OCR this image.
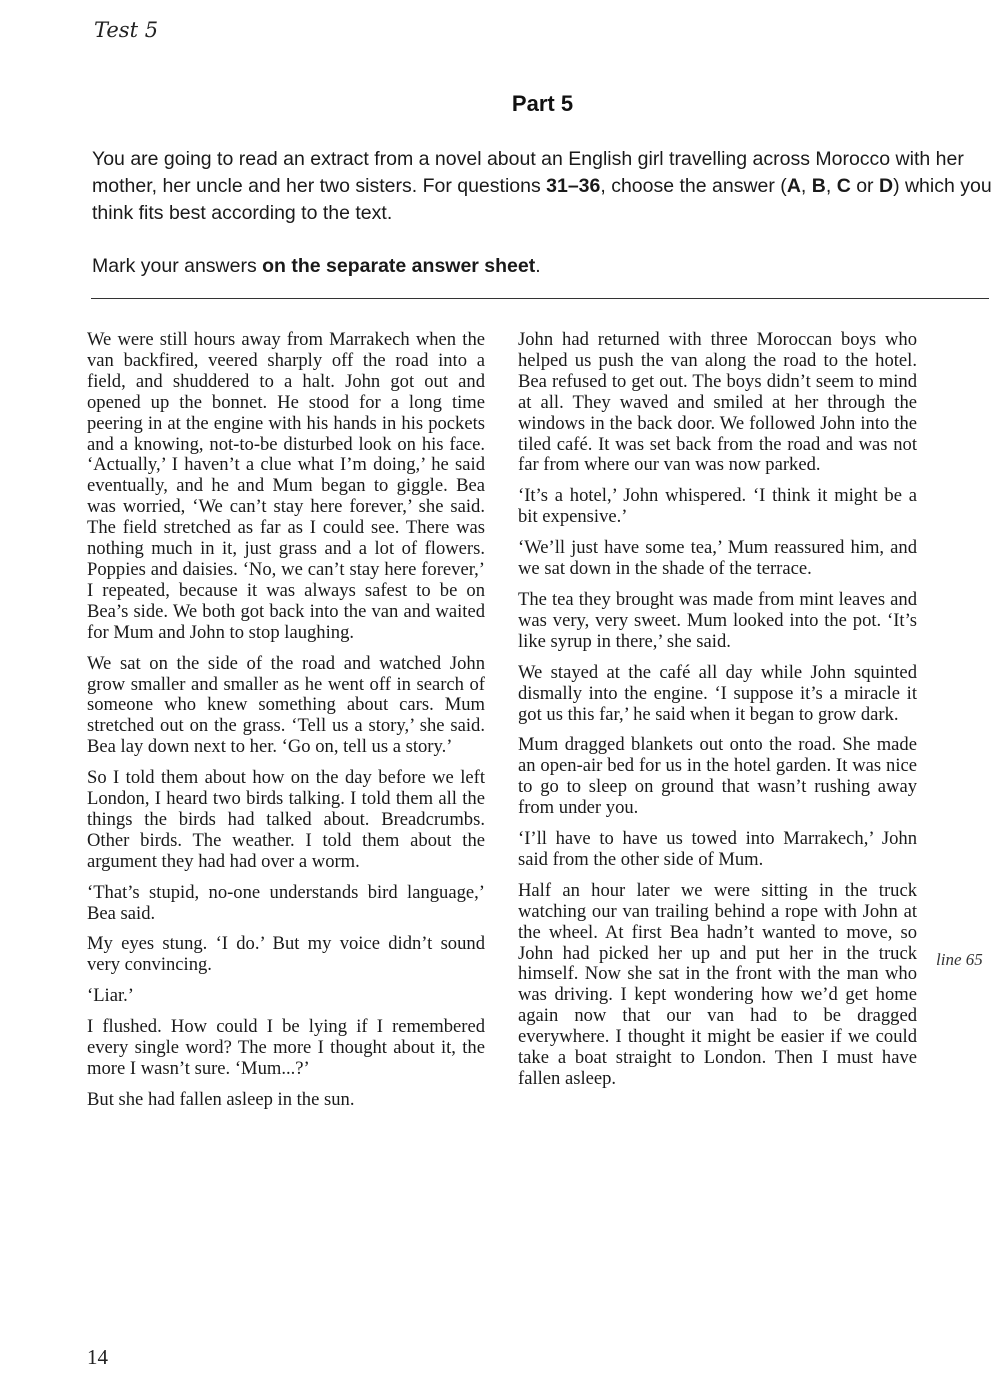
Test 5
Part 5

You are going to read an extract from a novel about an English girl travelling across Morocco with her mother, her uncle and her two sisters. For questions 31–36, choose the answer (A, B, C or D) which you think fits best according to the text.

Mark your answers on the separate answer sheet.

We were still hours away from Marrakech when the van backfired, veered sharply off the road into a field, and shuddered to a halt. John got out and opened up the bonnet. He stood for a long time peering in at the engine with his hands in his pockets and a knowing, not-to-be disturbed look on his face. ‘Actually,’ I haven’t a clue what I’m doing,’ he said eventually, and he and Mum began to giggle. Bea was worried, ‘We can’t stay here forever,’ she said. The field stretched as far as I could see. There was nothing much in it, just grass and a lot of flowers. Poppies and daisies. ‘No, we can’t stay here forever,’ I repeated, because it was always safest to be on Bea’s side. We both got back into the van and waited for Mum and John to stop laughing.

We sat on the side of the road and watched John grow smaller and smaller as he went off in search of someone who knew something about cars. Mum stretched out on the grass. ‘Tell us a story,’ she said. Bea lay down next to her. ‘Go on, tell us a story.’

So I told them about how on the day before we left London, I heard two birds talking. I told them all the things the birds had talked about. Breadcrumbs. Other birds. The weather. I told them about the argument they had had over a worm.

‘That’s stupid, no-one understands bird language,’ Bea said.

My eyes stung. ‘I do.’ But my voice didn’t sound very convincing.

‘Liar.’

I flushed. How could I be lying if I remembered every single word? The more I thought about it, the more I wasn’t sure. ‘Mum...?’

But she had fallen asleep in the sun.

John had returned with three Moroccan boys who helped us push the van along the road to the hotel. Bea refused to get out. The boys didn’t seem to mind at all. They waved and smiled at her through the windows in the back door. We followed John into the tiled café. It was set back from the road and was not far from where our van was now parked.

‘It’s a hotel,’ John whispered. ‘I think it might be a bit expensive.’

‘We’ll just have some tea,’ Mum reassured him, and we sat down in the shade of the terrace.

The tea they brought was made from mint leaves and was very, very sweet. Mum looked into the pot. ‘It’s like syrup in there,’ she said.

We stayed at the café all day while John squinted dismally into the engine. ‘I suppose it’s a miracle it got us this far,’ he said when it began to grow dark.

Mum dragged blankets out onto the road. She made an open-air bed for us in the hotel garden. It was nice to go to sleep on ground that wasn’t rushing away from under you.

‘I’ll have to have us towed into Marrakech,’ John said from the other side of Mum.

Half an hour later we were sitting in the truck watching our van trailing behind a rope with John at the wheel. At first Bea hadn’t wanted to move, so John had picked her up and put her in the truck himself. Now she sat in the front with the man who was driving. I kept wondering how we’d get home again now that our van had to be dragged everywhere. I thought it might be easier if we could take a boat straight to London. Then I must have fallen asleep.

line 65
14
